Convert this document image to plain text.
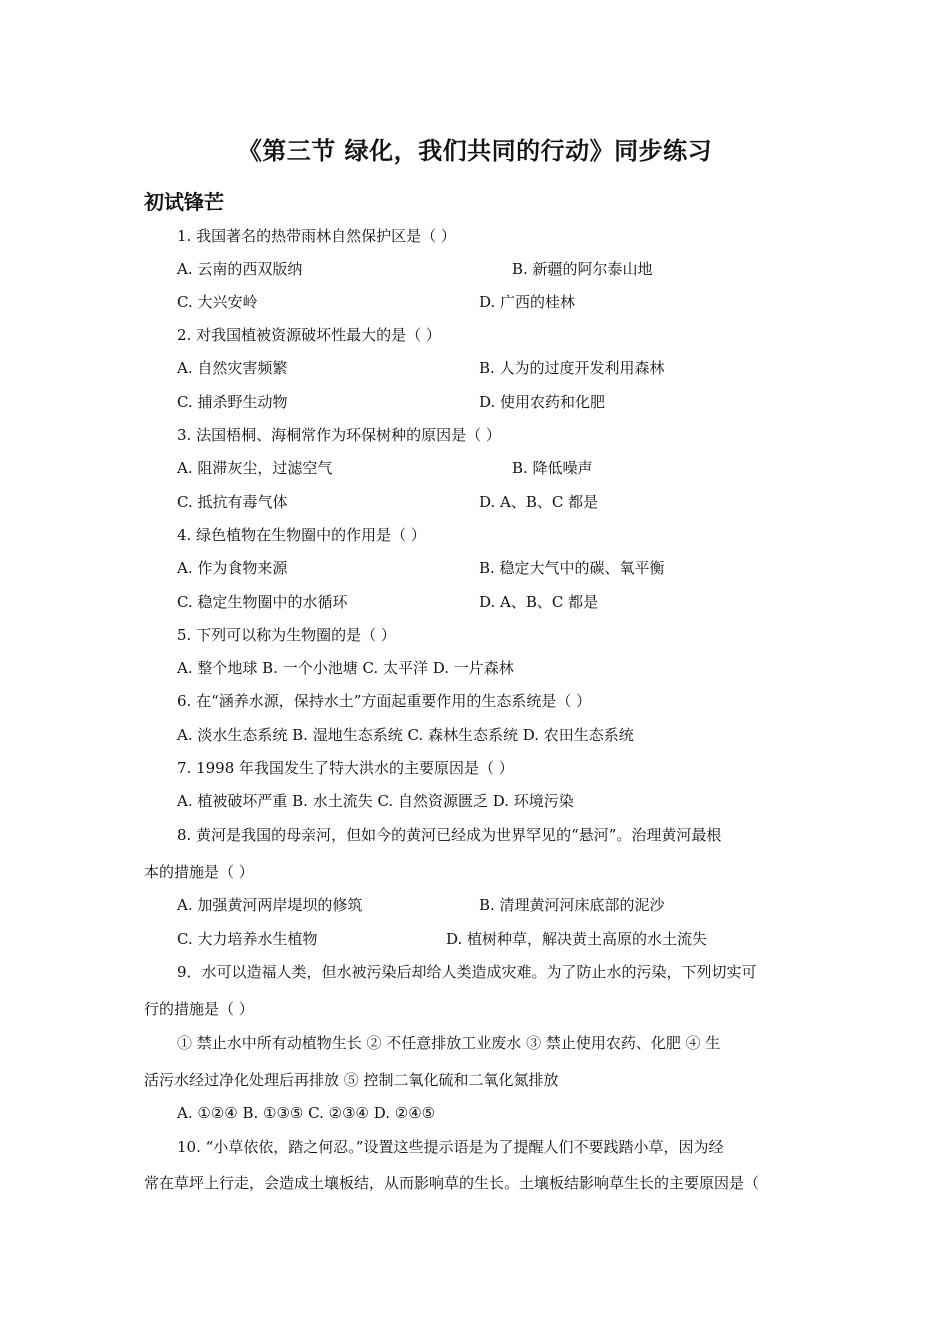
《第三节 绿化，我们共同的行动》同步练习
初试锋芒
1. 我国著名的热带雨林自然保护区是（ ）
A. 云南的西双版纳	B. 新疆的阿尔泰山地
C. 大兴安岭	D. 广西的桂林
2. 对我国植被资源破坏性最大的是（ ）
A. 自然灾害频繁	B. 人为的过度开发利用森林
C. 捕杀野生动物	D. 使用农药和化肥
3. 法国梧桐、海桐常作为环保树种的原因是（ ）
A. 阻滞灰尘，过滤空气	B. 降低噪声
C. 抵抗有毒气体	D. A、B、C 都是
4. 绿色植物在生物圈中的作用是（ ）
A. 作为食物来源	B. 稳定大气中的碳、氧平衡
C. 稳定生物圈中的水循环	D. A、B、C 都是
5. 下列可以称为生物圈的是（ ）
A. 整个地球 B. 一个小池塘 C. 太平洋 D. 一片森林
6. 在“涵养水源，保持水土”方面起重要作用的生态系统是（ ）
A. 淡水生态系统 B. 湿地生态系统 C. 森林生态系统 D. 农田生态系统
7. 1998 年我国发生了特大洪水的主要原因是（ ）
A. 植被破坏严重 B. 水土流失 C. 自然资源匮乏 D. 环境污染
8. 黄河是我国的母亲河，但如今的黄河已经成为世界罕见的“悬河”。治理黄河最根
本的措施是（ ）
A. 加强黄河两岸堤坝的修筑	B. 清理黄河河床底部的泥沙
C. 大力培养水生植物	D. 植树种草，解决黄土高原的水土流失
9．水可以造福人类，但水被污染后却给人类造成灾难。为了防止水的污染，下列切实可
行的措施是（ ）
① 禁止水中所有动植物生长 ② 不任意排放工业废水 ③ 禁止使用农药、化肥 ④ 生
活污水经过净化处理后再排放 ⑤ 控制二氧化硫和二氧化氮排放
A. ①②④ B. ①③⑤ C. ②③④ D. ②④⑤
10. “小草依依，踏之何忍。”设置这些提示语是为了提醒人们不要践踏小草，因为经
常在草坪上行走，会造成土壤板结，从而影响草的生长。土壤板结影响草生长的主要原因是（
